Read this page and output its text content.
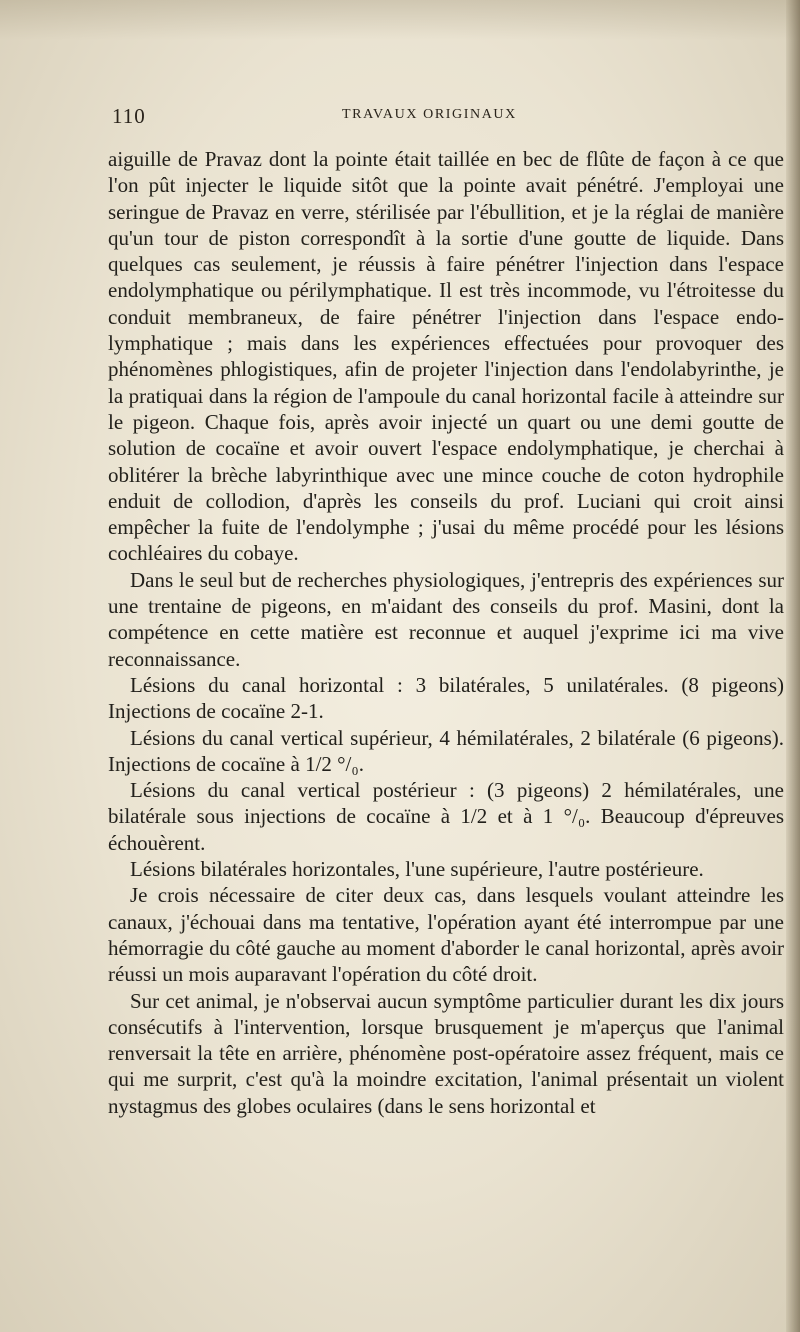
110	TRAVAUX ORIGINAUX

aiguille de Pravaz dont la pointe était taillée en bec de flûte de façon à ce que l'on pût injecter le liquide sitôt que la pointe avait pénétré. J'employai une seringue de Pravaz en verre, stérilisée par l'ébullition, et je la réglai de manière qu'un tour de piston correspondît à la sortie d'une goutte de liquide. Dans quelques cas seulement, je réussis à faire pénétrer l'injection dans l'espace endolymphatique ou périlymphatique. Il est très incommode, vu l'étroitesse du conduit membraneux, de faire pénétrer l'injection dans l'espace endo-lymphatique ; mais dans les expériences effectuées pour provoquer des phénomènes phlogistiques, afin de projeter l'injection dans l'endolabyrinthe, je la pratiquai dans la région de l'ampoule du canal horizontal facile à atteindre sur le pigeon. Chaque fois, après avoir injecté un quart ou une demi goutte de solution de cocaïne et avoir ouvert l'espace endolymphatique, je cherchai à oblitérer la brèche labyrinthique avec une mince couche de coton hydrophile enduit de collodion, d'après les conseils du prof. Luciani qui croit ainsi empêcher la fuite de l'endolymphe ; j'usai du même procédé pour les lésions cochléaires du cobaye.

Dans le seul but de recherches physiologiques, j'entrepris des expériences sur une trentaine de pigeons, en m'aidant des conseils du prof. Masini, dont la compétence en cette matière est reconnue et auquel j'exprime ici ma vive reconnaissance.

Lésions du canal horizontal : 3 bilatérales, 5 unilatérales. (8 pigeons) Injections de cocaïne 2-1.

Lésions du canal vertical supérieur, 4 hémilatérales, 2 bilatérale (6 pigeons). Injections de cocaïne à 1/2 °/₀.

Lésions du canal vertical postérieur : (3 pigeons) 2 hémilatérales, une bilatérale sous injections de cocaïne à 1/2 et à 1 °/₀. Beaucoup d'épreuves échouèrent.

Lésions bilatérales horizontales, l'une supérieure, l'autre postérieure.

Je crois nécessaire de citer deux cas, dans lesquels voulant atteindre les canaux, j'échouai dans ma tentative, l'opération ayant été interrompue par une hémorragie du côté gauche au moment d'aborder le canal horizontal, après avoir réussi un mois auparavant l'opération du côté droit.

Sur cet animal, je n'observai aucun symptôme particulier durant les dix jours consécutifs à l'intervention, lorsque brusquement je m'aperçus que l'animal renversait la tête en arrière, phénomène post-opératoire assez fréquent, mais ce qui me surprit, c'est qu'à la moindre excitation, l'animal présentait un violent nystagmus des globes oculaires (dans le sens horizontal et
